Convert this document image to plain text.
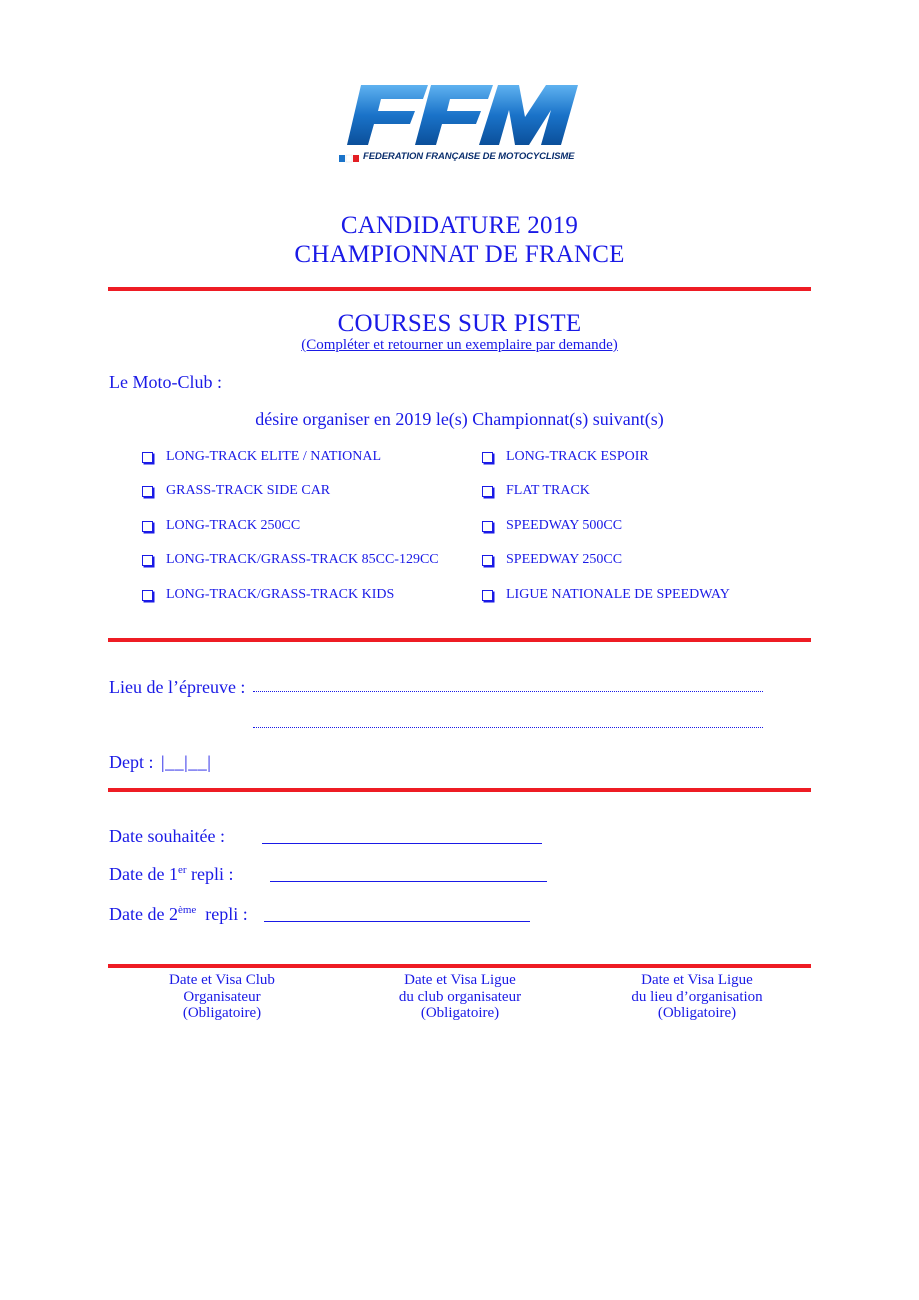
FEDERATION FRANÇAISE DE MOTOCYCLISME
CANDIDATURE 2019
CHAMPIONNAT DE FRANCE
COURSES SUR PISTE
(Compléter et retourner un exemplaire par demande)
Le Moto-Club :
désire organiser en 2019 le(s) Championnat(s) suivant(s)
LONG-TRACK ELITE / NATIONAL
GRASS-TRACK SIDE CAR
LONG-TRACK 250CC
LONG-TRACK/GRASS-TRACK 85CC-129CC
LONG-TRACK/GRASS-TRACK KIDS
LONG-TRACK ESPOIR
FLAT TRACK
SPEEDWAY 500CC
SPEEDWAY 250CC
LIGUE NATIONALE DE SPEEDWAY
Lieu de l’épreuve :
Dept : |__|__|
Date souhaitée :
Date de 1er repli :
Date de 2ème  repli :
Date et Visa Club
Organisateur
(Obligatoire)
Date et Visa Ligue
du club organisateur
(Obligatoire)
Date et Visa Ligue
du lieu d’organisation
(Obligatoire)
